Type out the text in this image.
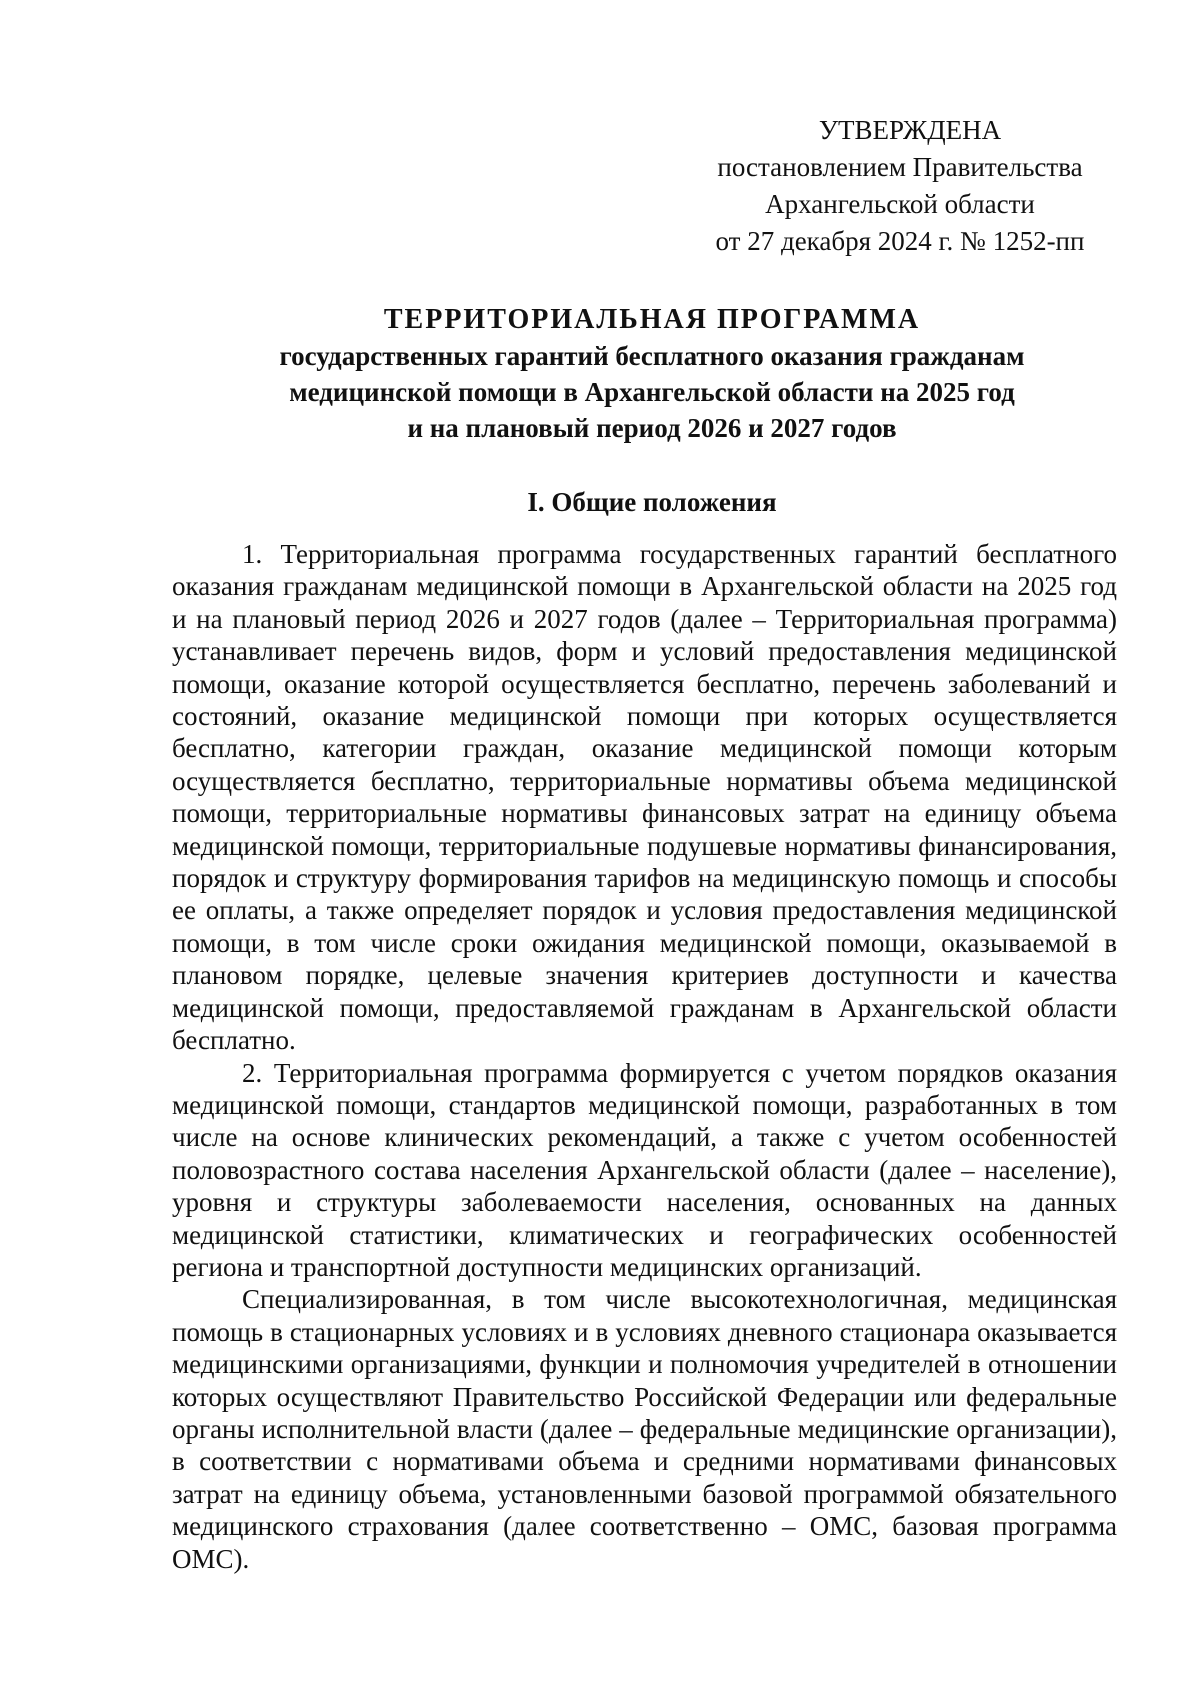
УТВЕРЖДЕНА
постановлением Правительства
Архангельской области
от 27 декабря 2024 г. № 1252-пп
ТЕРРИТОРИАЛЬНАЯ ПРОГРАММА
государственных гарантий бесплатного оказания гражданам
медицинской помощи в Архангельской области на 2025 год
и на плановый период 2026 и 2027 годов
I. Общие положения

1. Территориальная программа государственных гарантий бесплатного оказания гражданам медицинской помощи в Архангельской области на 2025 год и на плановый период 2026 и 2027 годов (далее – Территориальная программа) устанавливает перечень видов, форм и условий предоставления медицинской помощи, оказание которой осуществляется бесплатно, перечень заболеваний и состояний, оказание медицинской помощи при которых осуществляется бесплатно, категории граждан, оказание медицинской помощи которым осуществляется бесплатно, территориальные нормативы объема медицинской помощи, территориальные нормативы финансовых затрат на единицу объема медицинской помощи, территориальные подушевые нормативы финансирования, порядок и структуру формирования тарифов на медицинскую помощь и способы ее оплаты, а также определяет порядок и условия предоставления медицинской помощи, в том числе сроки ожидания медицинской помощи, оказываемой в плановом порядке, целевые значения критериев доступности и качества медицинской помощи, предоставляемой гражданам в Архангельской области бесплатно.

2. Территориальная программа формируется с учетом порядков оказания медицинской помощи, стандартов медицинской помощи, разработанных в том числе на основе клинических рекомендаций, а также с учетом особенностей половозрастного состава населения Архангельской области (далее – население), уровня и структуры заболеваемости населения, основанных на данных медицинской статистики, климатических и географических особенностей региона и транспортной доступности медицинских организаций.

Специализированная, в том числе высокотехнологичная, медицинская помощь в стационарных условиях и в условиях дневного стационара оказывается медицинскими организациями, функции и полномочия учредителей в отношении которых осуществляют Правительство Российской Федерации или федеральные органы исполнительной власти (далее – федеральные медицинские организации), в соответствии с нормативами объема и средними нормативами финансовых затрат на единицу объема, установленными базовой программой обязательного медицинского страхования (далее соответственно – ОМС, базовая программа ОМС).
